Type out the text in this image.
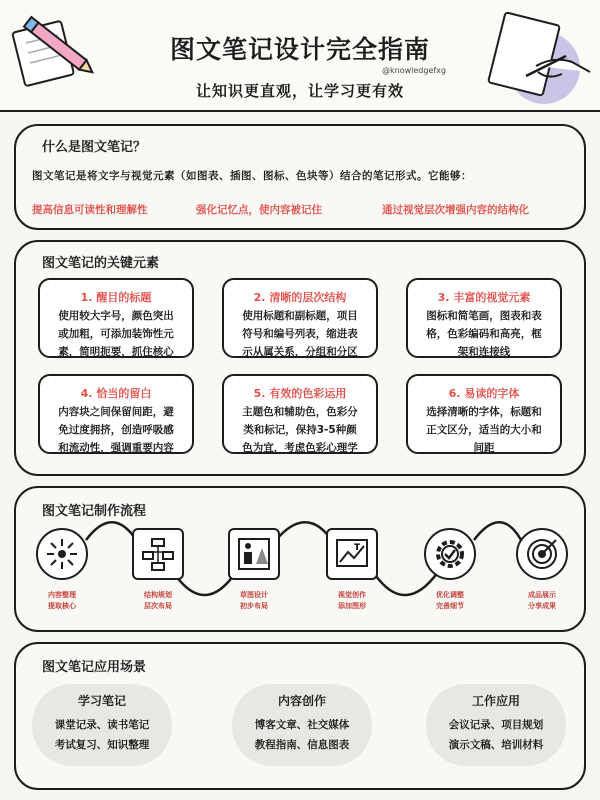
图文笔记设计完全指南
@knowledgefxg
让知识更直观，让学习更有效
什么是图文笔记？
图文笔记是将文字与视觉元素（如图表、插图、图标、色块等）结合的笔记形式。它能够：
提高信息可读性和理解性	强化记忆点，使内容被记住	通过视觉层次增强内容的结构化
图文笔记的关键元素
1. 醒目的标题

使用较大字号，颜色突出
或加粗，可添加装饰性元
素，简明扼要，抓住核心

2. 清晰的层次结构

使用标题和副标题，项目
符号和编号列表，缩进表
示从属关系，分组和分区

3. 丰富的视觉元素

图标和简笔画，图表和表
格，色彩编码和高亮，框
架和连接线

4. 恰当的留白

内容块之间保留间距，避
免过度拥挤，创造呼吸感
和流动性，强调重要内容

5. 有效的色彩运用

主题色和辅助色，色彩分
类和标记，保持3-5种颜
色为宜，考虑色彩心理学

6. 易读的字体

选择清晰的字体，标题和
正文区分，适当的大小和
间距

图文笔记制作流程
内容整理
提取核心
结构规划
层次布局
草图设计
初步布局
T
视觉创作
添加图形
优化调整
完善细节
成品展示
分享成果
图文笔记应用场景
学习笔记

课堂记录、读书笔记
考试复习、知识整理

内容创作

博客文章、社交媒体
教程指南、信息图表

工作应用

会议记录、项目规划
演示文稿、培训材料
